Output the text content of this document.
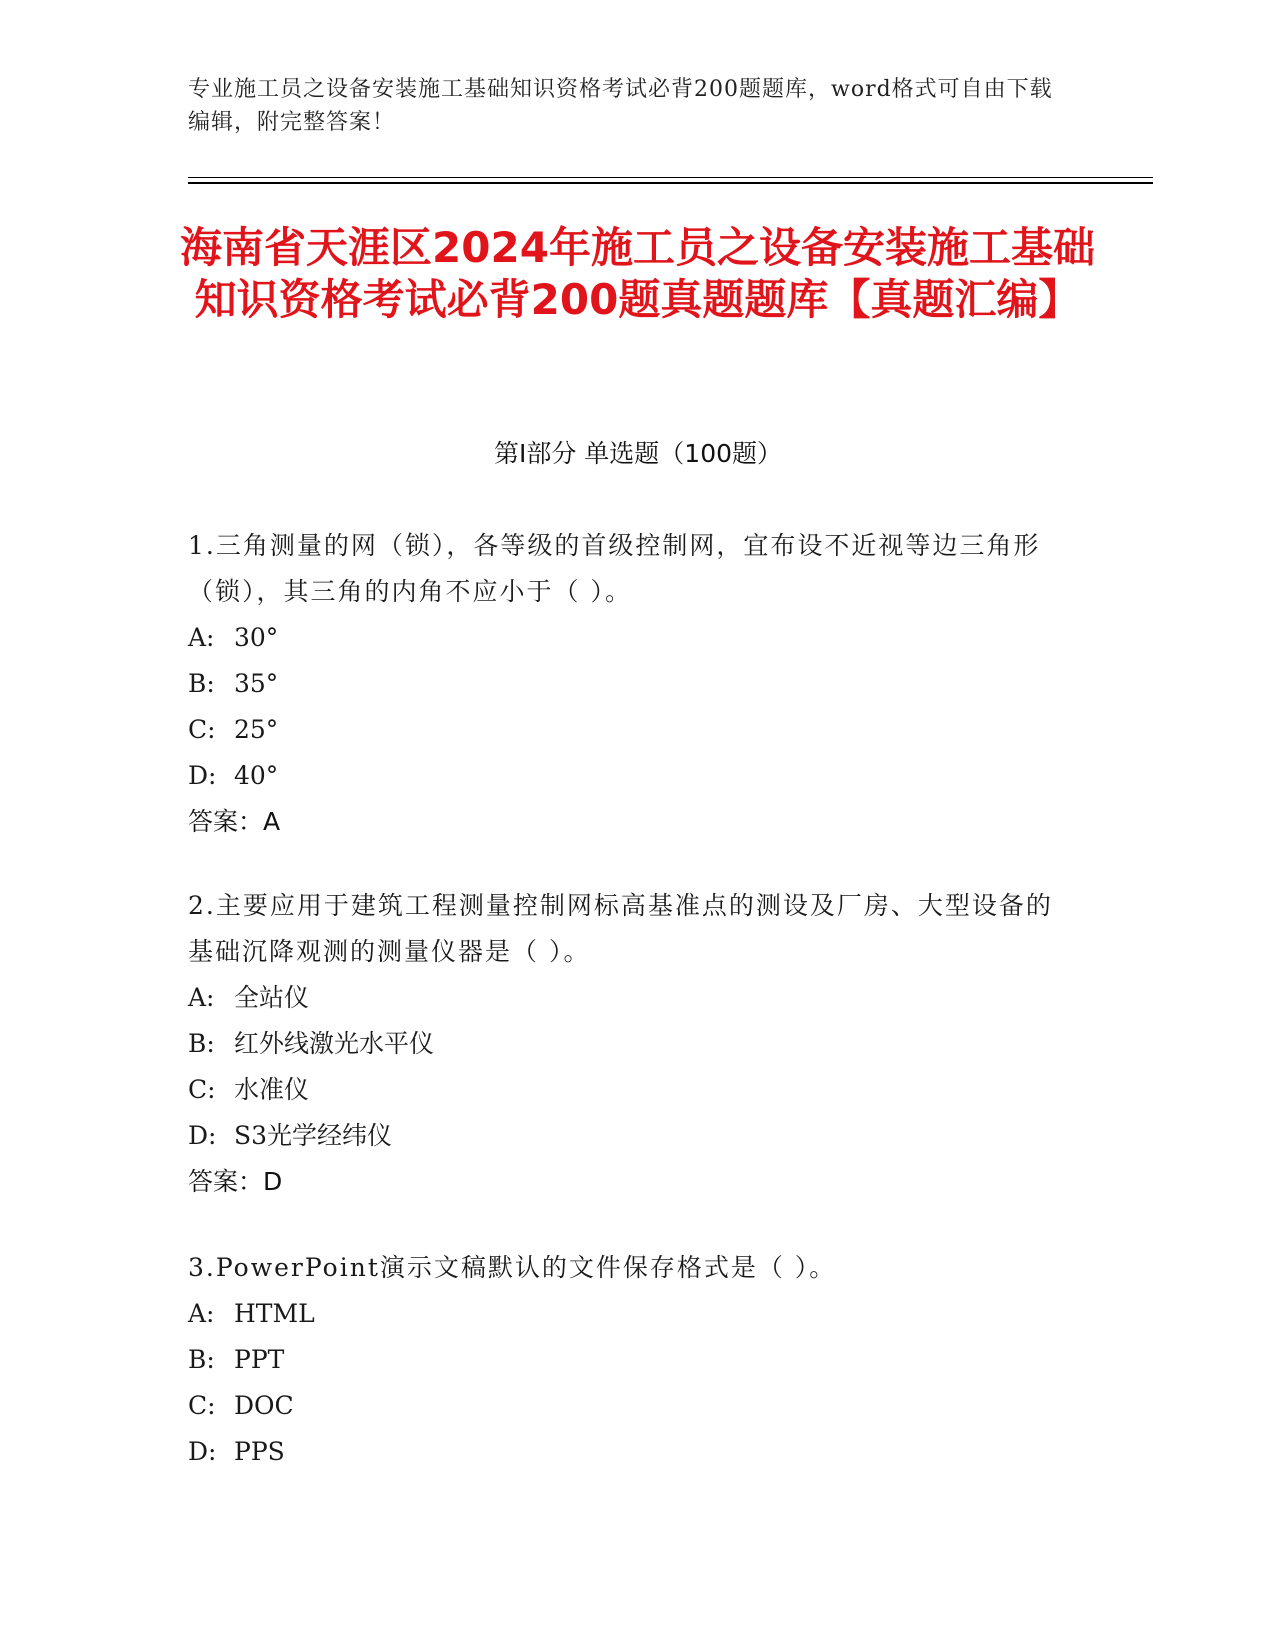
专业施工员之设备安装施工基础知识资格考试必背200题题库，word格式可自由下载编辑，附完整答案！
海南省天涯区2024年施工员之设备安装施工基础知识资格考试必背200题真题题库【真题汇编】
第Ⅰ部分 单选题（100题）
1.三角测量的网（锁），各等级的首级控制网，宜布设不近视等边三角形（锁），其三角的内角不应小于（ ）。
A: 30°
B: 35°
C: 25°
D: 40°
答案：A
2.主要应用于建筑工程测量控制网标高基准点的测设及厂房、大型设备的基础沉降观测的测量仪器是（ ）。
A: 全站仪
B: 红外线激光水平仪
C: 水准仪
D: S3光学经纬仪
答案：D
3.PowerPoint演示文稿默认的文件保存格式是（ ）。
A: HTML
B: PPT
C: DOC
D: PPS
